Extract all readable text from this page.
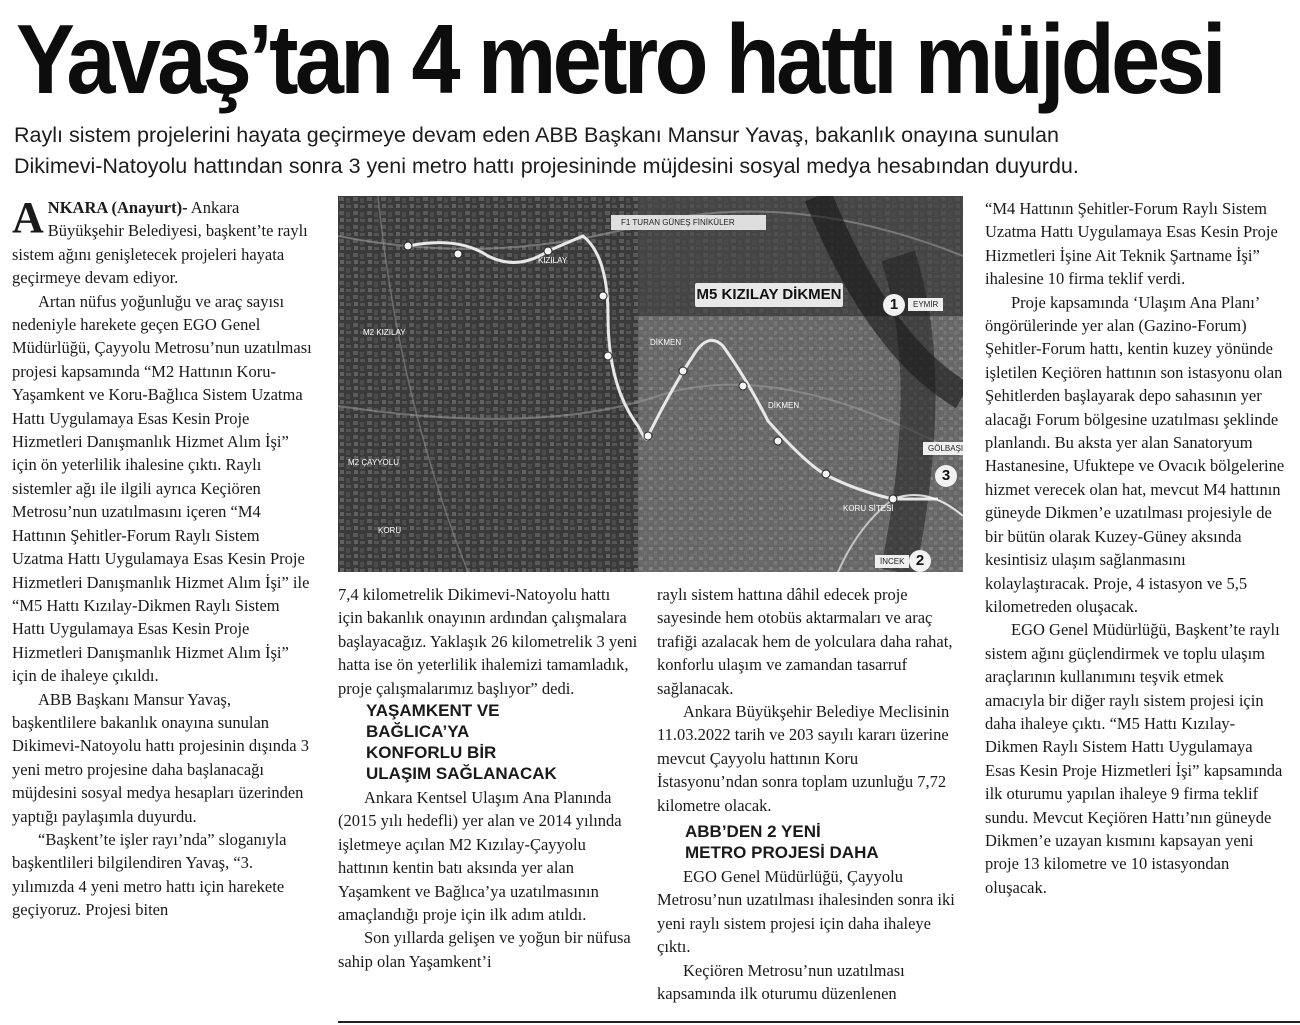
Yavaş’tan 4 metro hattı müjdesi
Raylı sistem projelerini hayata geçirmeye devam eden ABB Başkanı Mansur Yavaş, bakanlık onayına sunulan
Dikimevi-Natoyolu hattından sonra 3 yeni metro hattı projesininde müjdesini sosyal medya hesabından duyurdu.

ANKARA (Anayurt)- Ankara Büyükşehir Belediyesi, başkent’te raylı sistem ağını genişletecek projeleri hayata geçirmeye devam ediyor.

Artan nüfus yoğunluğu ve araç sayısı nedeniyle harekete geçen EGO Genel Müdürlüğü, Çayyolu Metrosu’nun uzatılması projesi kapsamında “M2 Hattının Koru-Yaşamkent ve Koru-Bağlıca Sistem Uzatma Hattı Uygulamaya Esas Kesin Proje Hizmetleri Danışmanlık Hizmet Alım İşi” için ön yeterlilik ihalesine çıktı. Raylı sistemler ağı ile ilgili ayrıca Keçiören Metrosu’nun uzatılmasını içeren “M4 Hattının Şehitler-Forum Raylı Sistem Uzatma Hattı Uygulamaya Esas Kesin Proje Hizmetleri Danışmanlık Hizmet Alım İşi” ile “M5 Hattı Kızılay-Dikmen Raylı Sistem Hattı Uygulamaya Esas Kesin Proje Hizmetleri Danışmanlık Hizmet Alım İşi” için de ihaleye çıkıldı.

ABB Başkanı Mansur Yavaş, başkentlilere bakanlık onayına sunulan Dikimevi-Natoyolu hattı projesinin dışında 3 yeni metro projesine daha başlanacağı müjdesini sosyal medya hesapları üzerinden yaptığı paylaşımla duyurdu.

“Başkent’te işler rayı’nda” sloganıyla başkentlileri bilgilendiren Yavaş, “3. yılımızda 4 yeni metro hattı için harekete geçiyoruz. Projesi biten

F1 TURAN GÜNEŞ FİNİKÜLER
M5 KIZILAY DİKMEN
1	EYMİR
GÖLBAŞI
3
İNCEK 2
KIZILAY
DİKMEN
KORU
M2 KIZILAY
M2 ÇAYYOLU
DİKMEN
KORU SİTESİ

7,4 kilometrelik Dikimevi-Natoyolu hattı için bakanlık onayının ardından çalışmalara başlayacağız. Yaklaşık 26 kilometrelik 3 yeni hatta ise ön yeterlilik ihalemizi tamamladık, proje çalışmalarımız başlıyor” dedi.

YAŞAMKENT VE
BAĞLICA’YA
KONFORLU BİR
ULAŞIM SAĞLANACAK

Ankara Kentsel Ulaşım Ana Planında (2015 yılı hedefli) yer alan ve 2014 yılında işletmeye açılan M2 Kızılay-Çayyolu hattının kentin batı aksında yer alan Yaşamkent ve Bağlıca’ya uzatılmasının amaçlandığı proje için ilk adım atıldı.

Son yıllarda gelişen ve yoğun bir nüfusa sahip olan Yaşamkent’i

raylı sistem hattına dâhil edecek proje sayesinde hem otobüs aktarmaları ve araç trafiği azalacak hem de yolculara daha rahat, konforlu ulaşım ve zamandan tasarruf sağlanacak.

Ankara Büyükşehir Belediye Meclisinin 11.03.2022 tarih ve 203 sayılı kararı üzerine mevcut Çayyolu hattının Koru İstasyonu’ndan sonra toplam uzunluğu 7,72 kilometre olacak.

ABB’DEN 2 YENİ
METRO PROJESİ DAHA

EGO Genel Müdürlüğü, Çayyolu Metrosu’nun uzatılması ihalesinden sonra iki yeni raylı sistem projesi için daha ihaleye çıktı.

Keçiören Metrosu’nun uzatılması kapsamında ilk oturumu düzenlenen

“M4 Hattının Şehitler-Forum Raylı Sistem Uzatma Hattı Uygulamaya Esas Kesin Proje Hizmetleri İşine Ait Teknik Şartname İşi” ihalesine 10 firma teklif verdi.

Proje kapsamında ‘Ulaşım Ana Planı’ öngörülerinde yer alan (Gazino-Forum) Şehitler-Forum hattı, kentin kuzey yönünde işletilen Keçiören hattının son istasyonu olan Şehitlerden başlayarak depo sahasının yer alacağı Forum bölgesine uzatılması şeklinde planlandı. Bu aksta yer alan Sanatoryum Hastanesine, Ufuktepe ve Ovacık bölgelerine hizmet verecek olan hat, mevcut M4 hattının güneyde Dikmen’e uzatılması projesiyle de bir bütün olarak Kuzey-Güney aksında kesintisiz ulaşım sağlanmasını kolaylaştıracak. Proje, 4 istasyon ve 5,5 kilometreden oluşacak.

EGO Genel Müdürlüğü, Başkent’te raylı sistem ağını güçlendirmek ve toplu ulaşım araçlarının kullanımını teşvik etmek amacıyla bir diğer raylı sistem projesi için daha ihaleye çıktı. “M5 Hattı Kızılay-Dikmen Raylı Sistem Hattı Uygulamaya Esas Kesin Proje Hizmetleri İşi” kapsamında ilk oturumu yapılan ihaleye 9 firma teklif sundu. Mevcut Keçiören Hattı’nın güneyde Dikmen’e uzayan kısmını kapsayan yeni proje 13 kilometre ve 10 istasyondan oluşacak.
